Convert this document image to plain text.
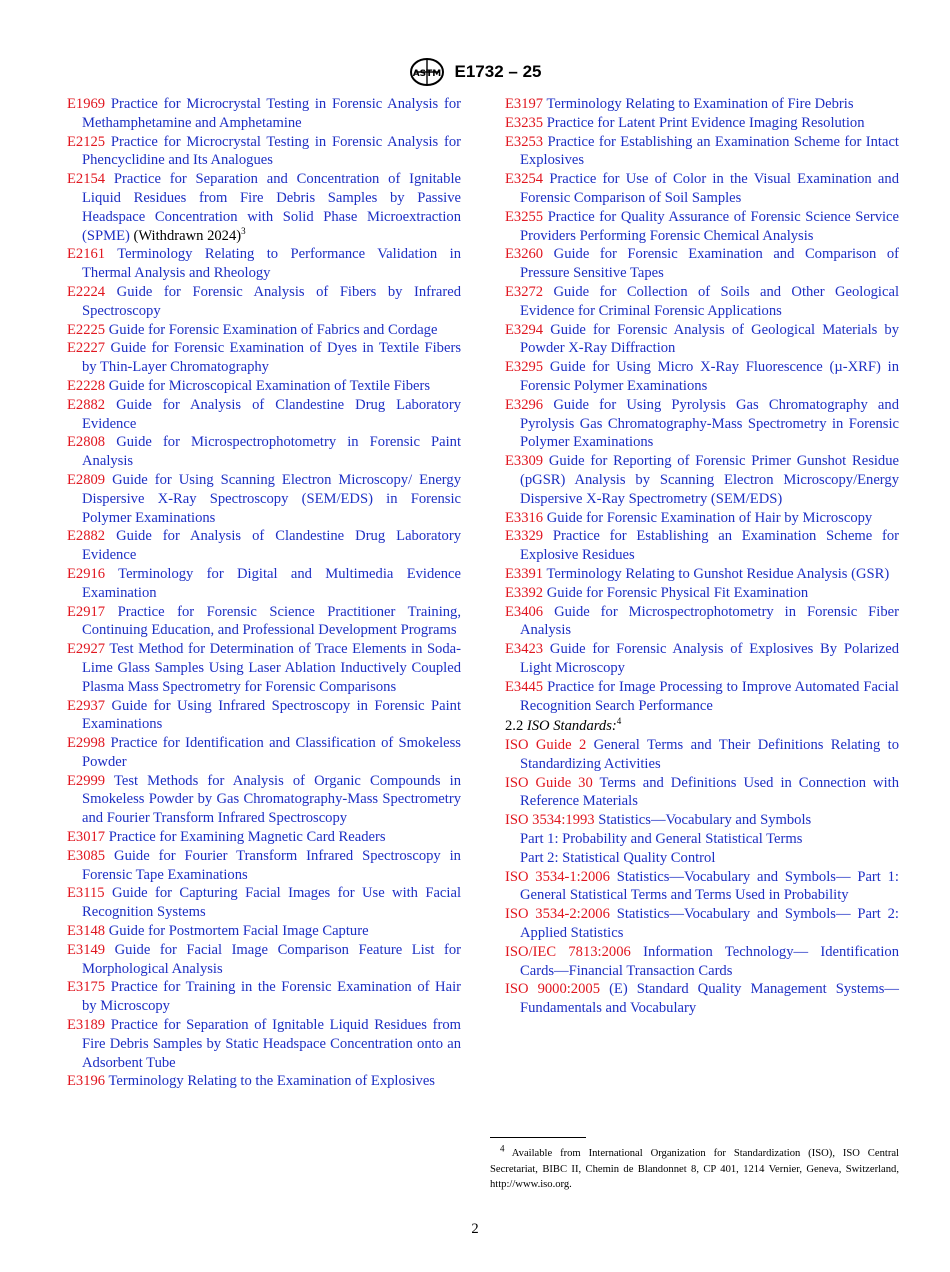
ASTM E1732 – 25

E1969 Practice for Microcrystal Testing in Forensic Analysis for Methamphetamine and Amphetamine

E2125 Practice for Microcrystal Testing in Forensic Analysis for Phencyclidine and Its Analogues

E2154 Practice for Separation and Concentration of Ignitable Liquid Residues from Fire Debris Samples by Passive Headspace Concentration with Solid Phase Microextraction (SPME) (Withdrawn 2024)$^3$

E2161 Terminology Relating to Performance Validation in Thermal Analysis and Rheology

E2224 Guide for Forensic Analysis of Fibers by Infrared Spectroscopy

E2225 Guide for Forensic Examination of Fabrics and Cordage

E2227 Guide for Forensic Examination of Dyes in Textile Fibers by Thin-Layer Chromatography

E2228 Guide for Microscopical Examination of Textile Fibers

E2882 Guide for Analysis of Clandestine Drug Laboratory Evidence

E2808 Guide for Microspectrophotometry in Forensic Paint Analysis

E2809 Guide for Using Scanning Electron Microscopy/ Energy Dispersive X-Ray Spectroscopy (SEM/EDS) in Forensic Polymer Examinations

E2882 Guide for Analysis of Clandestine Drug Laboratory Evidence

E2916 Terminology for Digital and Multimedia Evidence Examination

E2917 Practice for Forensic Science Practitioner Training, Continuing Education, and Professional Development Programs

E2927 Test Method for Determination of Trace Elements in Soda-Lime Glass Samples Using Laser Ablation Inductively Coupled Plasma Mass Spectrometry for Forensic Comparisons

E2937 Guide for Using Infrared Spectroscopy in Forensic Paint Examinations

E2998 Practice for Identification and Classification of Smokeless Powder

E2999 Test Methods for Analysis of Organic Compounds in Smokeless Powder by Gas Chromatography-Mass Spectrometry and Fourier Transform Infrared Spectroscopy

E3017 Practice for Examining Magnetic Card Readers

E3085 Guide for Fourier Transform Infrared Spectroscopy in Forensic Tape Examinations

E3115 Guide for Capturing Facial Images for Use with Facial Recognition Systems

E3148 Guide for Postmortem Facial Image Capture

E3149 Guide for Facial Image Comparison Feature List for Morphological Analysis

E3175 Practice for Training in the Forensic Examination of Hair by Microscopy

E3189 Practice for Separation of Ignitable Liquid Residues from Fire Debris Samples by Static Headspace Concentration onto an Adsorbent Tube

E3196 Terminology Relating to the Examination of Explosives

E3197 Terminology Relating to Examination of Fire Debris

E3235 Practice for Latent Print Evidence Imaging Resolution

E3253 Practice for Establishing an Examination Scheme for Intact Explosives

E3254 Practice for Use of Color in the Visual Examination and Forensic Comparison of Soil Samples

E3255 Practice for Quality Assurance of Forensic Science Service Providers Performing Forensic Chemical Analysis

E3260 Guide for Forensic Examination and Comparison of Pressure Sensitive Tapes

E3272 Guide for Collection of Soils and Other Geological Evidence for Criminal Forensic Applications

E3294 Guide for Forensic Analysis of Geological Materials by Powder X-Ray Diffraction

E3295 Guide for Using Micro X-Ray Fluorescence (µ-XRF) in Forensic Polymer Examinations

E3296 Guide for Using Pyrolysis Gas Chromatography and Pyrolysis Gas Chromatography-Mass Spectrometry in Forensic Polymer Examinations

E3309 Guide for Reporting of Forensic Primer Gunshot Residue (pGSR) Analysis by Scanning Electron Microscopy/Energy Dispersive X-Ray Spectrometry (SEM/EDS)

E3316 Guide for Forensic Examination of Hair by Microscopy

E3329 Practice for Establishing an Examination Scheme for Explosive Residues

E3391 Terminology Relating to Gunshot Residue Analysis (GSR)

E3392 Guide for Forensic Physical Fit Examination

E3406 Guide for Microspectrophotometry in Forensic Fiber Analysis

E3423 Guide for Forensic Analysis of Explosives By Polarized Light Microscopy

E3445 Practice for Image Processing to Improve Automated Facial Recognition Search Performance

2.2 ISO Standards:$^4$

ISO Guide 2 General Terms and Their Definitions Relating to Standardizing Activities

ISO Guide 30 Terms and Definitions Used in Connection with Reference Materials

ISO 3534:1993 Statistics—Vocabulary and Symbols

Part 1: Probability and General Statistical Terms

Part 2: Statistical Quality Control

ISO 3534-1:2006 Statistics—Vocabulary and Symbols— Part 1: General Statistical Terms and Terms Used in Probability

ISO 3534-2:2006 Statistics—Vocabulary and Symbols— Part 2: Applied Statistics

ISO/IEC 7813:2006 Information Technology— Identification Cards—Financial Transaction Cards

ISO 9000:2005 (E) Standard Quality Management Systems—Fundamentals and Vocabulary

$^4$ Available from International Organization for Standardization (ISO), ISO Central Secretariat, BIBC II, Chemin de Blandonnet 8, CP 401, 1214 Vernier, Geneva, Switzerland, http://www.iso.org.
2
